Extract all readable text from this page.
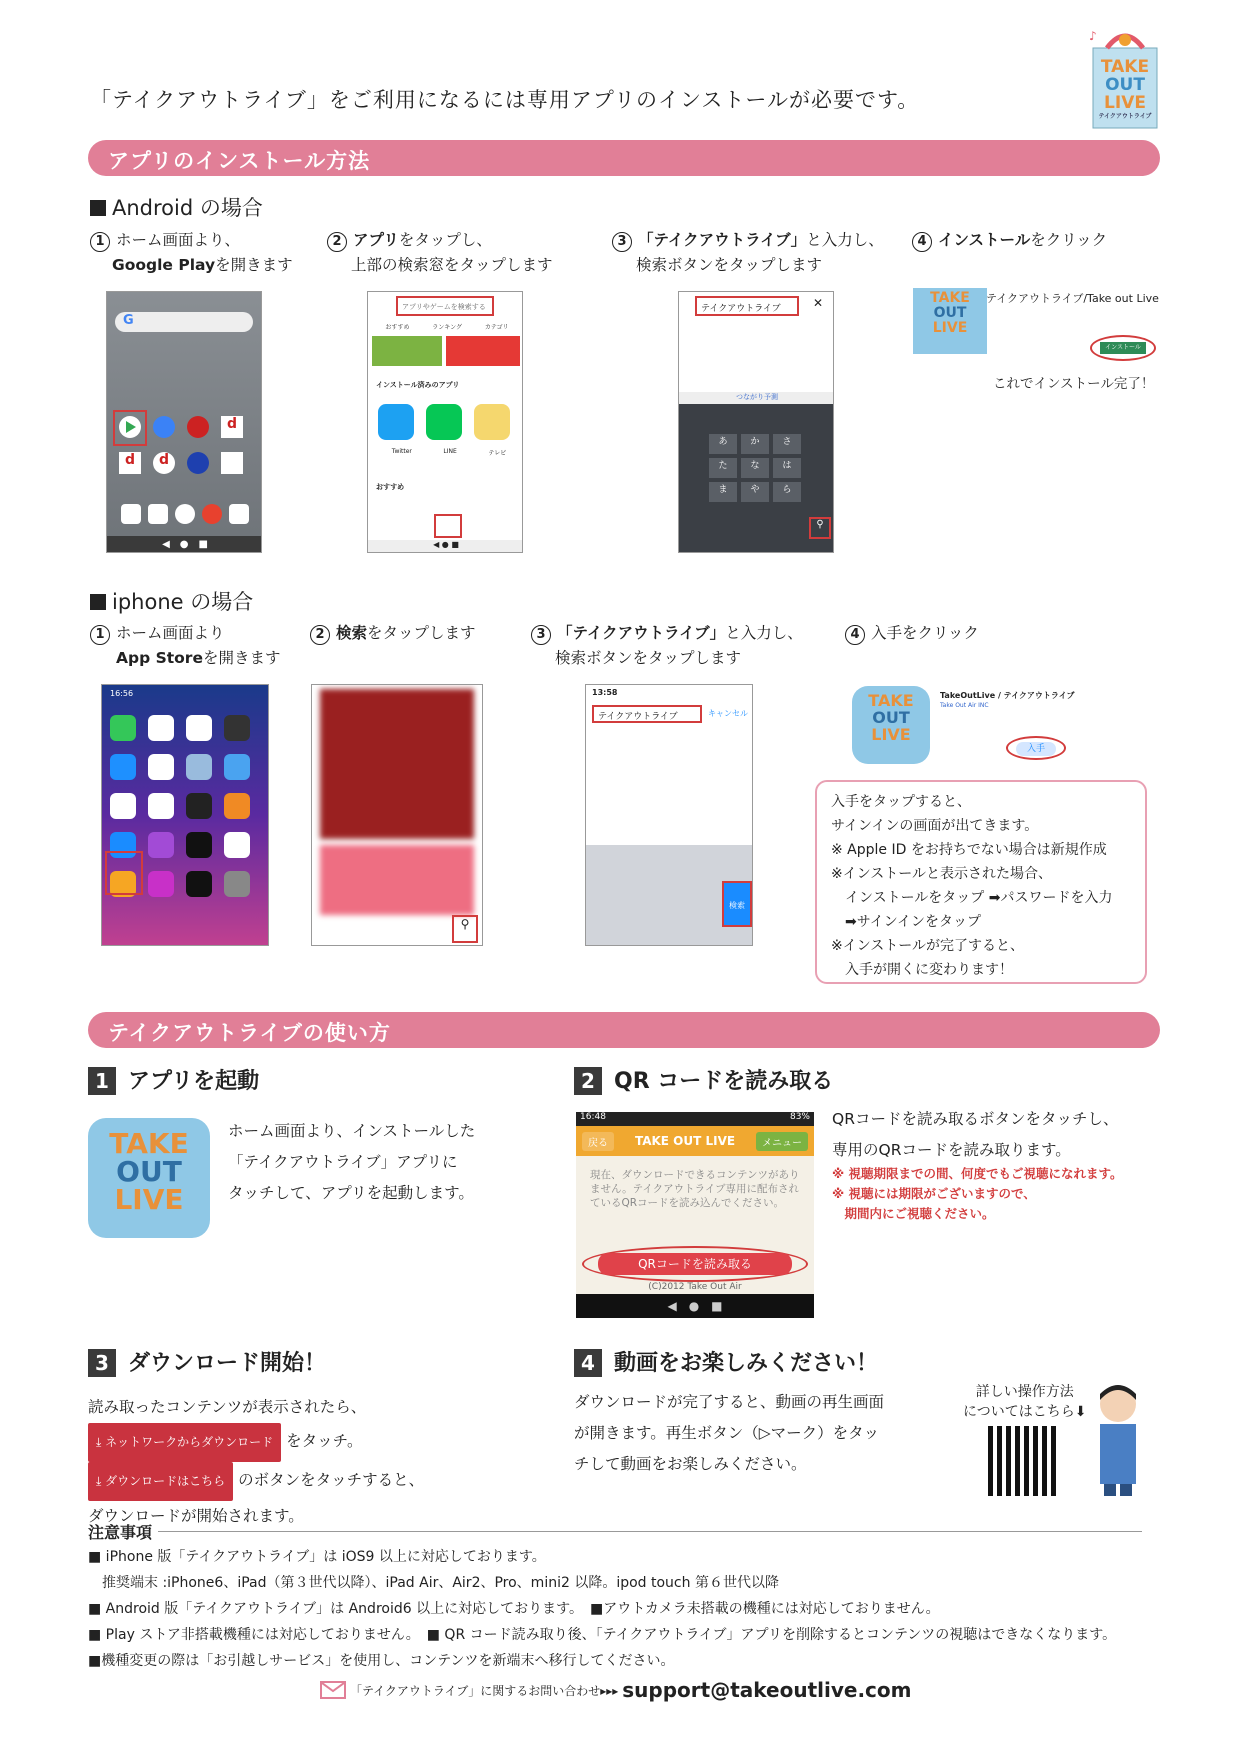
「テイクアウトライブ」をご利用になるには専用アプリのインストールが必要です。
♪
TAKE
OUT
LIVE
テイクアウトライブ
アプリのインストール方法
Android の場合
1 ホーム画面より、
Google Playを開きます
2 アプリをタップし、
上部の検索窓をタップします
3 「テイクアウトライブ」と入力し、
検索ボタンをタップします
4 インストールをクリック
G
d
d	d
◀　●　■
アプリやゲームを検索する
おすすめ	ランキング	カテゴリ
インストール済みのアプリ
Twitter	LINE	テレビ
おすすめ
◀ ● ■
テイクアウトライブ	✕
つながり予測
あ	か	さ
た	な	は
ま	や	ら
⚲
TAKE
OUT
LIVE
テイクアウトライブ/Take out Live
インストール
これでインストール完了！
iphone の場合
1 ホーム画面より
App Storeを開きます
2 検索をタップします	3 「テイクアウトライブ」と入力し、
検索ボタンをタップします
4 入手をクリック
16:56
⚲
13:58
テイクアウトライブ	キャンセル
検索
TAKE
OUT
LIVE
TakeOutLive / テイクアウトライブ
Take Out Air INC
入手
入手をタップすると、
サインインの画面が出てきます。
※ Apple ID をお持ちでない場合は新規作成
※インストールと表示された場合、
　インストールをタップ ➡パスワードを入力
　➡サインインをタップ
※インストールが完了すると、
　入手が開くに変わります！
テイクアウトライブの使い方
1 アプリを起動
TAKE
OUT
LIVE
ホーム画面より、インストールした
「テイクアウトライブ」アプリに
タッチして、アプリを起動します。
2 QR コードを読み取る
16:48	83%
戻る	TAKE OUT LIVE	メニュー
現在、ダウンロードできるコンテンツがありません。テイクアウトライブ専用に配布されているQRコードを読み込んでください。
QRコードを読み取る
(C)2012 Take Out Air
◀　●　■
QRコードを読み取るボタンをタッチし、
専用のQRコードを読み取ります。
※ 視聴期限までの間、何度でもご視聴になれます。
※ 視聴には期限がございますので、
　期間内にご視聴ください。
3 ダウンロード開始！
読み取ったコンテンツが表示されたら、
⤓ ネットワークからダウンロード をタッチ。
⤓ ダウンロードはこちら のボタンをタッチすると、
ダウンロードが開始されます。
4 動画をお楽しみください！
ダウンロードが完了すると、動画の再生画面
が開きます。再生ボタン（▷マーク）をタッ
チして動画をお楽しみください。
詳しい操作方法
についてはこちら⬇
注意事項
■ iPhone 版「テイクアウトライブ」は iOS9 以上に対応しております。
　推奨端末 :iPhone6、iPad（第３世代以降）、iPad Air、Air2、Pro、mini2 以降。ipod touch 第６世代以降
■ Android 版「テイクアウトライブ」は Android6 以上に対応しております。　■アウトカメラ未搭載の機種には対応しておりません。
■ Play ストア非搭載機種には対応しておりません。　■ QR コード読み取り後、「テイクアウトライブ」アプリを削除するとコンテンツの視聴はできなくなります。
■機種変更の際は「お引越しサービス」を使用し、コンテンツを新端末へ移行してください。
「テイクアウトライブ」に関するお問い合わせ▸▸▸ support@takeoutlive.com
